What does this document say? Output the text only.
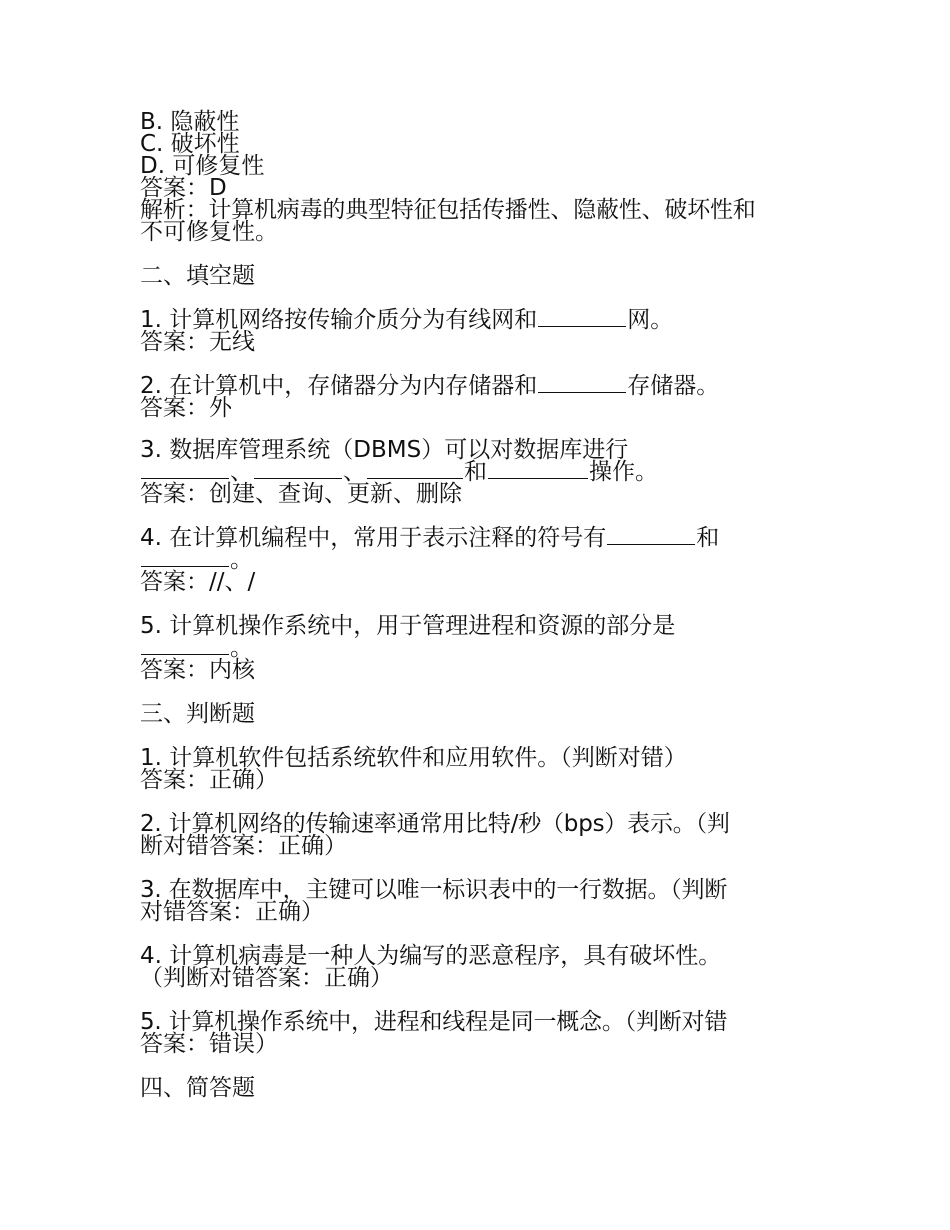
B. 隐蔽性
C. 破坏性
D. 可修复性
答案：D
解析：计算机病毒的典型特征包括传播性、隐蔽性、破坏性和
不可修复性。
二、填空题
1. 计算机网络按传输介质分为有线网和	网。
答案：无线
2. 在计算机中，存储器分为内存储器和	存储器。
答案：外
3. 数据库管理系统（DBMS）可以对数据库进行
、	、	和	操作。
答案：创建、查询、更新、删除
4. 在计算机编程中，常用于表示注释的符号有	和
。
答案：//、/
5. 计算机操作系统中，用于管理进程和资源的部分是
。
答案：内核
三、判断题
1. 计算机软件包括系统软件和应用软件。（判断对错）
答案：正确）
2. 计算机网络的传输速率通常用比特/秒（bps）表示。（判
断对错答案：正确）
3. 在数据库中，主键可以唯一标识表中的一行数据。（判断
对错答案：正确）
4. 计算机病毒是一种人为编写的恶意程序，具有破坏性。
（判断对错答案：正确）
5. 计算机操作系统中，进程和线程是同一概念。（判断对错
答案：错误）
四、简答题
